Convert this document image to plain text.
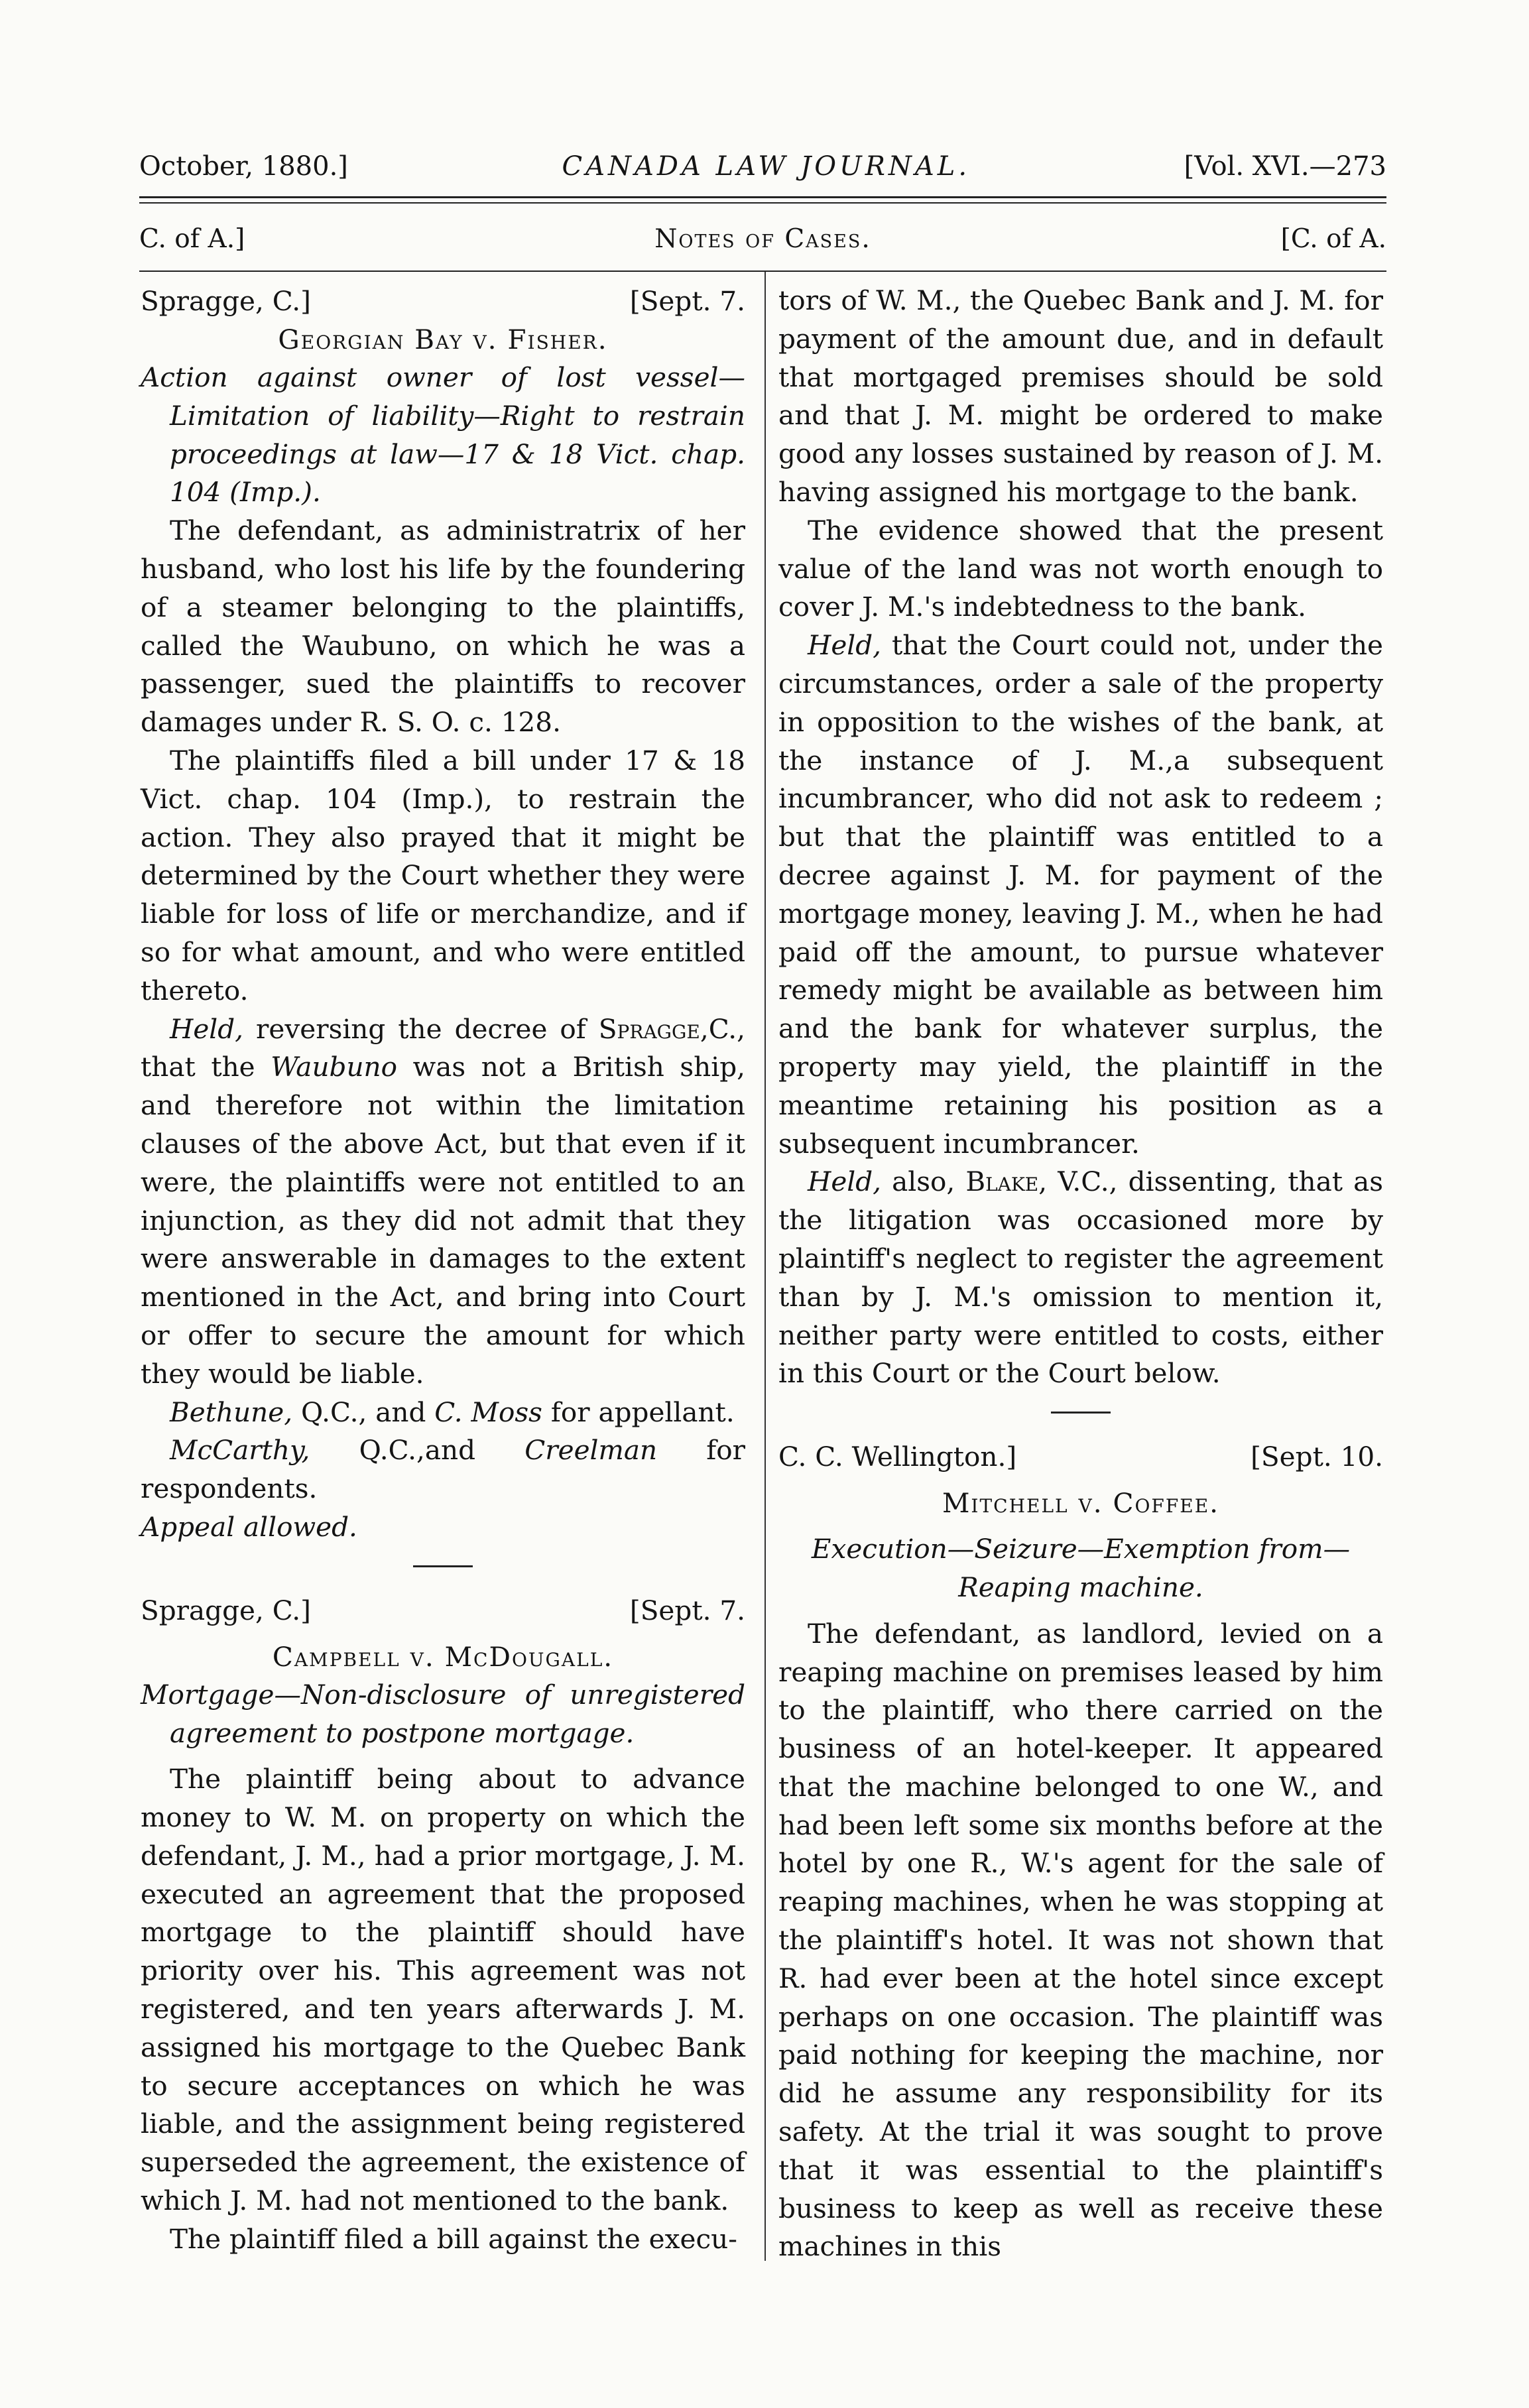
October, 1880.]	CANADA LAW JOURNAL.	[Vol. XVI.—273
C. of A.]	Notes of Cases.	[C. of A.
Spragge, C.]	[Sept. 7.
Georgian Bay v. Fisher.

Action against owner of lost vessel—Limitation of liability—Right to restrain proceedings at law—17 & 18 Vict. chap. 104 (Imp.).

The defendant, as administratrix of her husband, who lost his life by the foundering of a steamer belonging to the plaintiffs, called the Waubuno, on which he was a passenger, sued the plaintiffs to recover damages under R. S. O. c. 128.

The plaintiffs filed a bill under 17 & 18 Vict. chap. 104 (Imp.), to restrain the action. They also prayed that it might be determined by the Court whether they were liable for loss of life or merchandize, and if so for what amount, and who were entitled thereto.

Held, reversing the decree of Spragge,C., that the Waubuno was not a British ship, and therefore not within the limitation clauses of the above Act, but that even if it were, the plaintiffs were not entitled to an injunction, as they did not admit that they were answerable in damages to the extent mentioned in the Act, and bring into Court or offer to secure the amount for which they would be liable.

Bethune, Q.C., and C. Moss for appellant.

McCarthy, Q.C.,and Creelman for respondents.

Appeal allowed.

Spragge, C.]	[Sept. 7.
Campbell v. McDougall.

Mortgage—Non-disclosure of unregistered agreement to postpone mortgage.

The plaintiff being about to advance money to W. M. on property on which the defendant, J. M., had a prior mortgage, J. M. executed an agreement that the proposed mortgage to the plaintiff should have priority over his. This agreement was not registered, and ten years afterwards J. M. assigned his mortgage to the Quebec Bank to secure acceptances on which he was liable, and the assignment being registered superseded the agreement, the existence of which J. M. had not mentioned to the bank.

The plaintiff filed a bill against the execu-

tors of W. M., the Quebec Bank and J. M. for payment of the amount due, and in default that mortgaged premises should be sold and that J. M. might be ordered to make good any losses sustained by reason of J. M. having assigned his mortgage to the bank.

The evidence showed that the present value of the land was not worth enough to cover J. M.'s indebtedness to the bank.

Held, that the Court could not, under the circumstances, order a sale of the property in opposition to the wishes of the bank, at the instance of J. M.,a subsequent incumbrancer, who did not ask to redeem ; but that the plaintiff was entitled to a decree against J. M. for payment of the mortgage money, leaving J. M., when he had paid off the amount, to pursue whatever remedy might be available as between him and the bank for whatever surplus, the property may yield, the plaintiff in the meantime retaining his position as a subsequent incumbrancer.

Held, also, Blake, V.C., dissenting, that as the litigation was occasioned more by plaintiff's neglect to register the agreement than by J. M.'s omission to mention it, neither party were entitled to costs, either in this Court or the Court below.

C. C. Wellington.]	[Sept. 10.
Mitchell v. Coffee.

Execution—Seizure—Exemption from—
Reaping machine.

The defendant, as landlord, levied on a reaping machine on premises leased by him to the plaintiff, who there carried on the business of an hotel-keeper. It appeared that the machine belonged to one W., and had been left some six months before at the hotel by one R., W.'s agent for the sale of reaping machines, when he was stopping at the plaintiff's hotel. It was not shown that R. had ever been at the hotel since except perhaps on one occasion. The plaintiff was paid nothing for keeping the machine, nor did he assume any responsibility for its safety. At the trial it was sought to prove that it was essential to the plaintiff's business to keep as well as receive these machines in this
